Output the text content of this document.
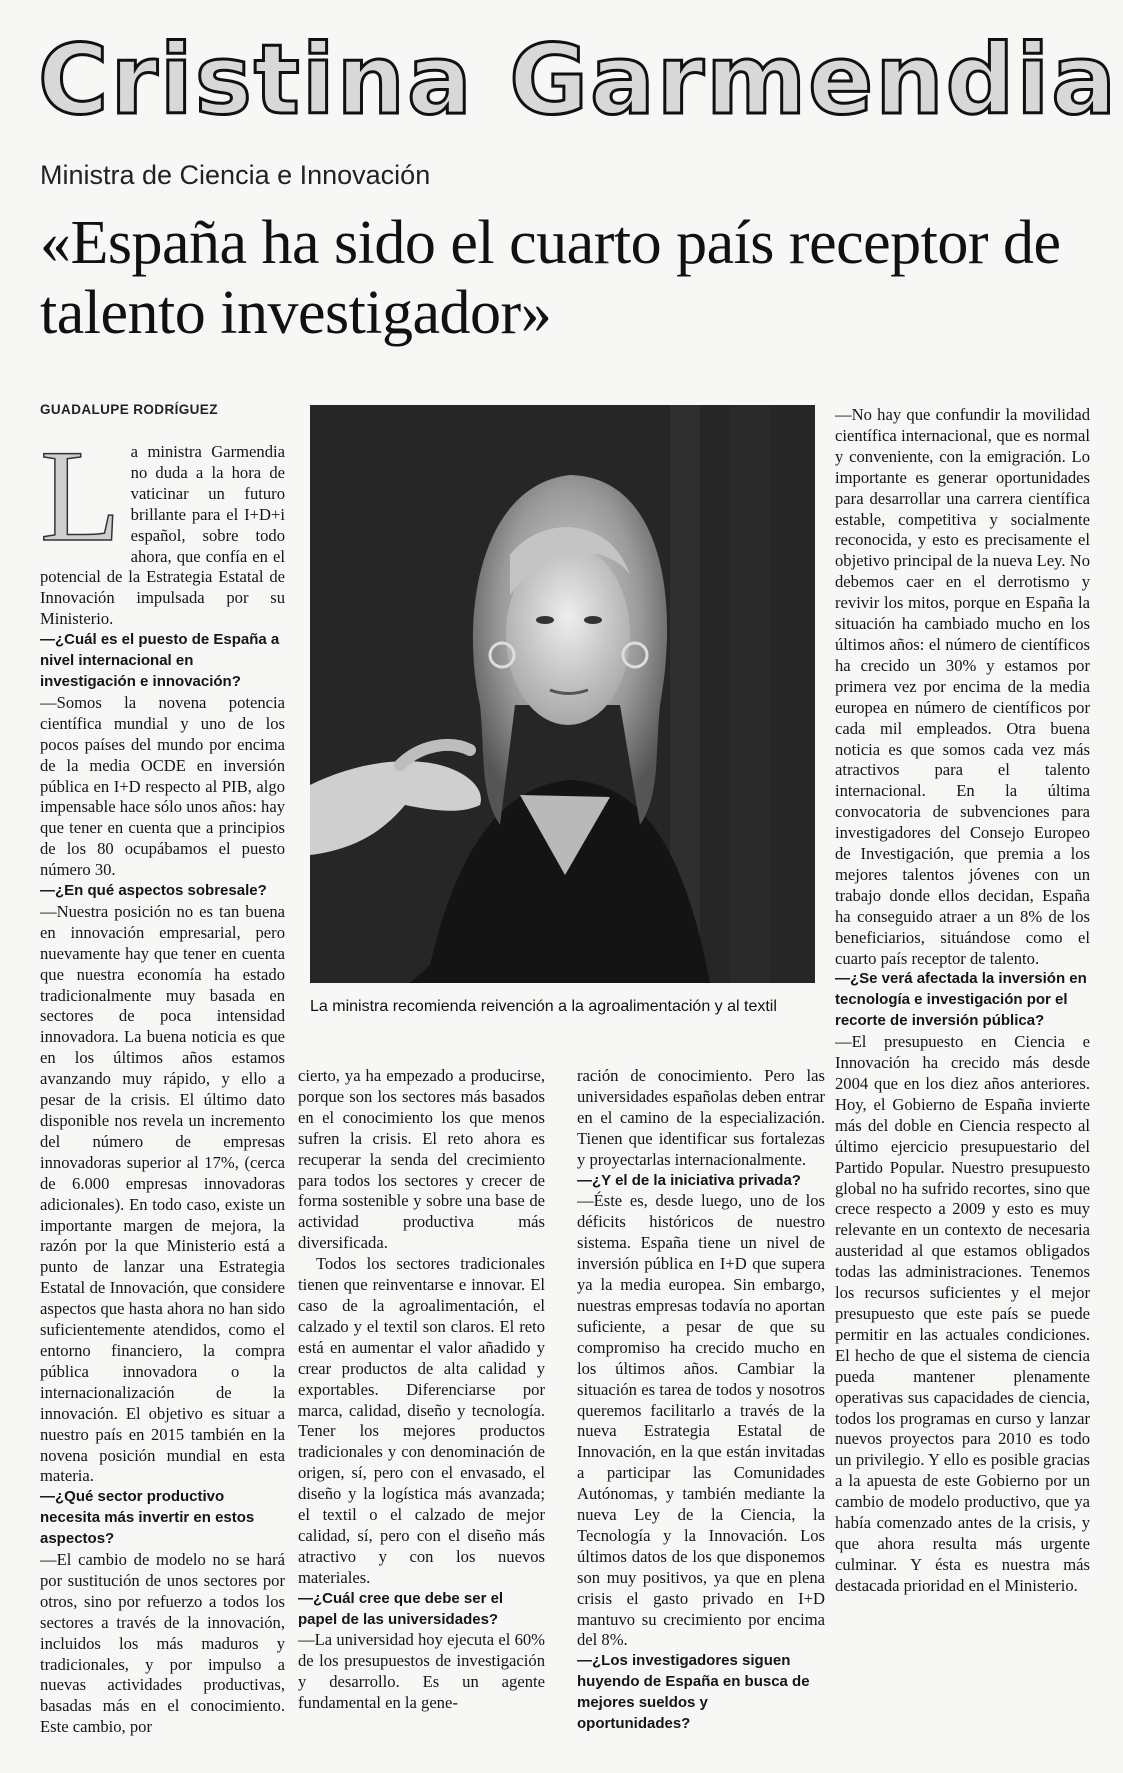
Cristina Garmendia
Ministra de Ciencia e Innovación
«España ha sido el cuarto país receptor de talento investigador»
GUADALUPE RODRÍGUEZ
L a ministra Garmendia no duda a la hora de vaticinar un futuro brillante para el I+D+i español, sobre todo ahora, que confía en el potencial de la Estrategia Estatal de Innovación impulsada por su Ministerio.

—¿Cuál es el puesto de España a nivel internacional en investigación e innovación?

—Somos la novena potencia científica mundial y uno de los pocos países del mundo por encima de la media OCDE en inversión pública en I+D respecto al PIB, algo impensable hace sólo unos años: hay que tener en cuenta que a principios de los 80 ocupábamos el puesto número 30.

—¿En qué aspectos sobresale?

—Nuestra posición no es tan buena en innovación empresarial, pero nuevamente hay que tener en cuenta que nuestra economía ha estado tradicionalmente muy basada en sectores de poca intensidad innovadora. La buena noticia es que en los últimos años estamos avanzando muy rápido, y ello a pesar de la crisis. El último dato disponible nos revela un incremento del número de empresas innovadoras superior al 17%, (cerca de 6.000 empresas innovadoras adicionales). En todo caso, existe un importante margen de mejora, la razón por la que Ministerio está a punto de lanzar una Estrategia Estatal de Innovación, que considere aspectos que hasta ahora no han sido suficientemente atendidos, como el entorno financiero, la compra pública innovadora o la internacionalización de la innovación. El objetivo es situar a nuestro país en 2015 también en la novena posición mundial en esta materia.

—¿Qué sector productivo necesita más invertir en estos aspectos?

—El cambio de modelo no se hará por sustitución de unos sectores por otros, sino por refuerzo a todos los sectores a través de la innovación, incluidos los más maduros y tradicionales, y por impulso a nuevas actividades productivas, basadas más en el conocimiento. Este cambio, por

La ministra recomienda reivención a la agroalimentación y al textil

cierto, ya ha empezado a producirse, porque son los sectores más basados en el conocimiento los que menos sufren la crisis. El reto ahora es recuperar la senda del crecimiento para todos los sectores y crecer de forma sostenible y sobre una base de actividad productiva más diversificada.

Todos los sectores tradicionales tienen que reinventarse e innovar. El caso de la agroalimentación, el calzado y el textil son claros. El reto está en aumentar el valor añadido y crear productos de alta calidad y exportables. Diferenciarse por marca, calidad, diseño y tecnología. Tener los mejores productos tradicionales y con denominación de origen, sí, pero con el envasado, el diseño y la logística más avanzada; el textil o el calzado de mejor calidad, sí, pero con el diseño más atractivo y con los nuevos materiales.

—¿Cuál cree que debe ser el papel de las universidades?

—La universidad hoy ejecuta el 60% de los presupuestos de investigación y desarrollo. Es un agente fundamental en la gene-

ración de conocimiento. Pero las universidades españolas deben entrar en el camino de la especialización. Tienen que identificar sus fortalezas y proyectarlas internacionalmente.

—¿Y el de la iniciativa privada?

—Éste es, desde luego, uno de los déficits históricos de nuestro sistema. España tiene un nivel de inversión pública en I+D que supera ya la media europea. Sin embargo, nuestras empresas todavía no aportan suficiente, a pesar de que su compromiso ha crecido mucho en los últimos años. Cambiar la situación es tarea de todos y nosotros queremos facilitarlo a través de la nueva Estrategia Estatal de Innovación, en la que están invitadas a participar las Comunidades Autónomas, y también mediante la nueva Ley de la Ciencia, la Tecnología y la Innovación. Los últimos datos de los que disponemos son muy positivos, ya que en plena crisis el gasto privado en I+D mantuvo su crecimiento por encima del 8%.

—¿Los investigadores siguen huyendo de España en busca de mejores sueldos y oportunidades?

—No hay que confundir la movilidad científica internacional, que es normal y conveniente, con la emigración. Lo importante es generar oportunidades para desarrollar una carrera científica estable, competitiva y socialmente reconocida, y esto es precisamente el objetivo principal de la nueva Ley. No debemos caer en el derrotismo y revivir los mitos, porque en España la situación ha cambiado mucho en los últimos años: el número de científicos ha crecido un 30% y estamos por primera vez por encima de la media europea en número de científicos por cada mil empleados. Otra buena noticia es que somos cada vez más atractivos para el talento internacional. En la última convocatoria de subvenciones para investigadores del Consejo Europeo de Investigación, que premia a los mejores talentos jóvenes con un trabajo donde ellos decidan, España ha conseguido atraer a un 8% de los beneficiarios, situándose como el cuarto país receptor de talento.

—¿Se verá afectada la inversión en tecnología e investigación por el recorte de inversión pública?

—El presupuesto en Ciencia e Innovación ha crecido más desde 2004 que en los diez años anteriores. Hoy, el Gobierno de España invierte más del doble en Ciencia respecto al último ejercicio presupuestario del Partido Popular. Nuestro presupuesto global no ha sufrido recortes, sino que crece respecto a 2009 y esto es muy relevante en un contexto de necesaria austeridad al que estamos obligados todas las administraciones. Tenemos los recursos suficientes y el mejor presupuesto que este país se puede permitir en las actuales condiciones. El hecho de que el sistema de ciencia pueda mantener plenamente operativas sus capacidades de ciencia, todos los programas en curso y lanzar nuevos proyectos para 2010 es todo un privilegio. Y ello es posible gracias a la apuesta de este Gobierno por un cambio de modelo productivo, que ya había comenzado antes de la crisis, y que ahora resulta más urgente culminar. Y ésta es nuestra más destacada prioridad en el Ministerio.
